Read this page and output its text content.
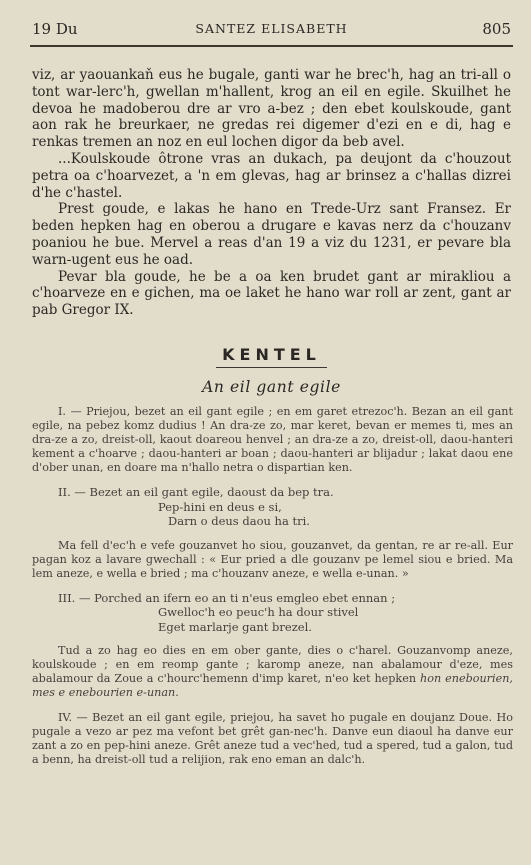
19 Du	SANTEZ ELISABETH	805

viz, ar yaouankaň eus he bugale, ganti war he brec'h, hag an tri-all o tont war-lerc'h, gwellan m'hallent, krog an eil en egile. Skuilhet he devoa he madoberou dre ar vro a-bez ; den ebet koulskoude, gant aon rak he breurkaer, ne gredas rei digemer d'ezi en e di, hag e renkas tremen an noz en eul lochen digor da beb avel.

...Koulskoude ôtrone vras an dukach, pa deujont da c'houzout petra oa c'hoarvezet, a 'n em glevas, hag ar brinsez a c'hallas dizrei d'he c'hastel.

Prest goude, e lakas he hano en Trede-Urz sant Fransez. Er beden hepken hag en oberou a drugare e kavas nerz da c'houzanv poaniou he bue. Mervel a reas d'an 19 a viz du 1231, er pevare bla warn-ugent eus he oad.

Pevar bla goude, he be a oa ken brudet gant ar mirakliou a c'hoarveze en e gichen, ma oe laket he hano war roll ar zent, gant ar pab Gregor IX.

KENTEL
An eil gant egile

I. — Priejou, bezet an eil gant egile ; en em garet etrezoc'h. Bezan an eil gant egile, na pebez komz dudius ! An dra-ze zo, mar keret, bevan er memes ti, mes an dra-ze a zo, dreist-oll, kaout doareou henvel ; an dra-ze a zo, dreist-oll, daou-hanteri kement a c'hoarve ; daou-hanteri ar boan ; daou-hanteri ar blijadur ; lakat daou ene d'ober unan, en doare ma n'hallo netra o dispartian ken.

II. — Bezet an eil gant egile, daoust da bep tra.

Pep-hini en deus e si,

Darn o deus daou ha tri.

Ma fell d'ec'h e vefe gouzanvet ho siou, gouzanvet, da gentan, re ar re-all. Eur pagan koz a lavare gwechall : « Eur pried a dle gouzanv pe lemel siou e bried. Ma lem aneze, e wella e bried ; ma c'houzanv aneze, e wella e-unan. »

III. — Porched an ifern eo an ti n'eus emgleo ebet ennan ;

Gwelloc'h eo peuc'h ha dour stivel

Eget marlarje gant brezel.

Tud a zo hag eo dies en em ober gante, dies o c'harel. Gouzanvomp aneze, koulskoude ; en em reomp gante ; karomp aneze, nan abalamour d'eze, mes abalamour da Zoue a c'hourc'hemenn d'imp karet, n'eo ket hepken hon enebourien, mes e enebourien e-unan.

IV. — Bezet an eil gant egile, priejou, ha savet ho pugale en doujanz Doue. Ho pugale a vezo ar pez ma vefont bet grêt gan-nec'h. Danve eun diaoul ha danve eur zant a zo en pep-hini aneze. Grêt aneze tud a vec'hed, tud a spered, tud a galon, tud a benn, ha dreist-oll tud a relijion, rak eno eman an dalc'h.
